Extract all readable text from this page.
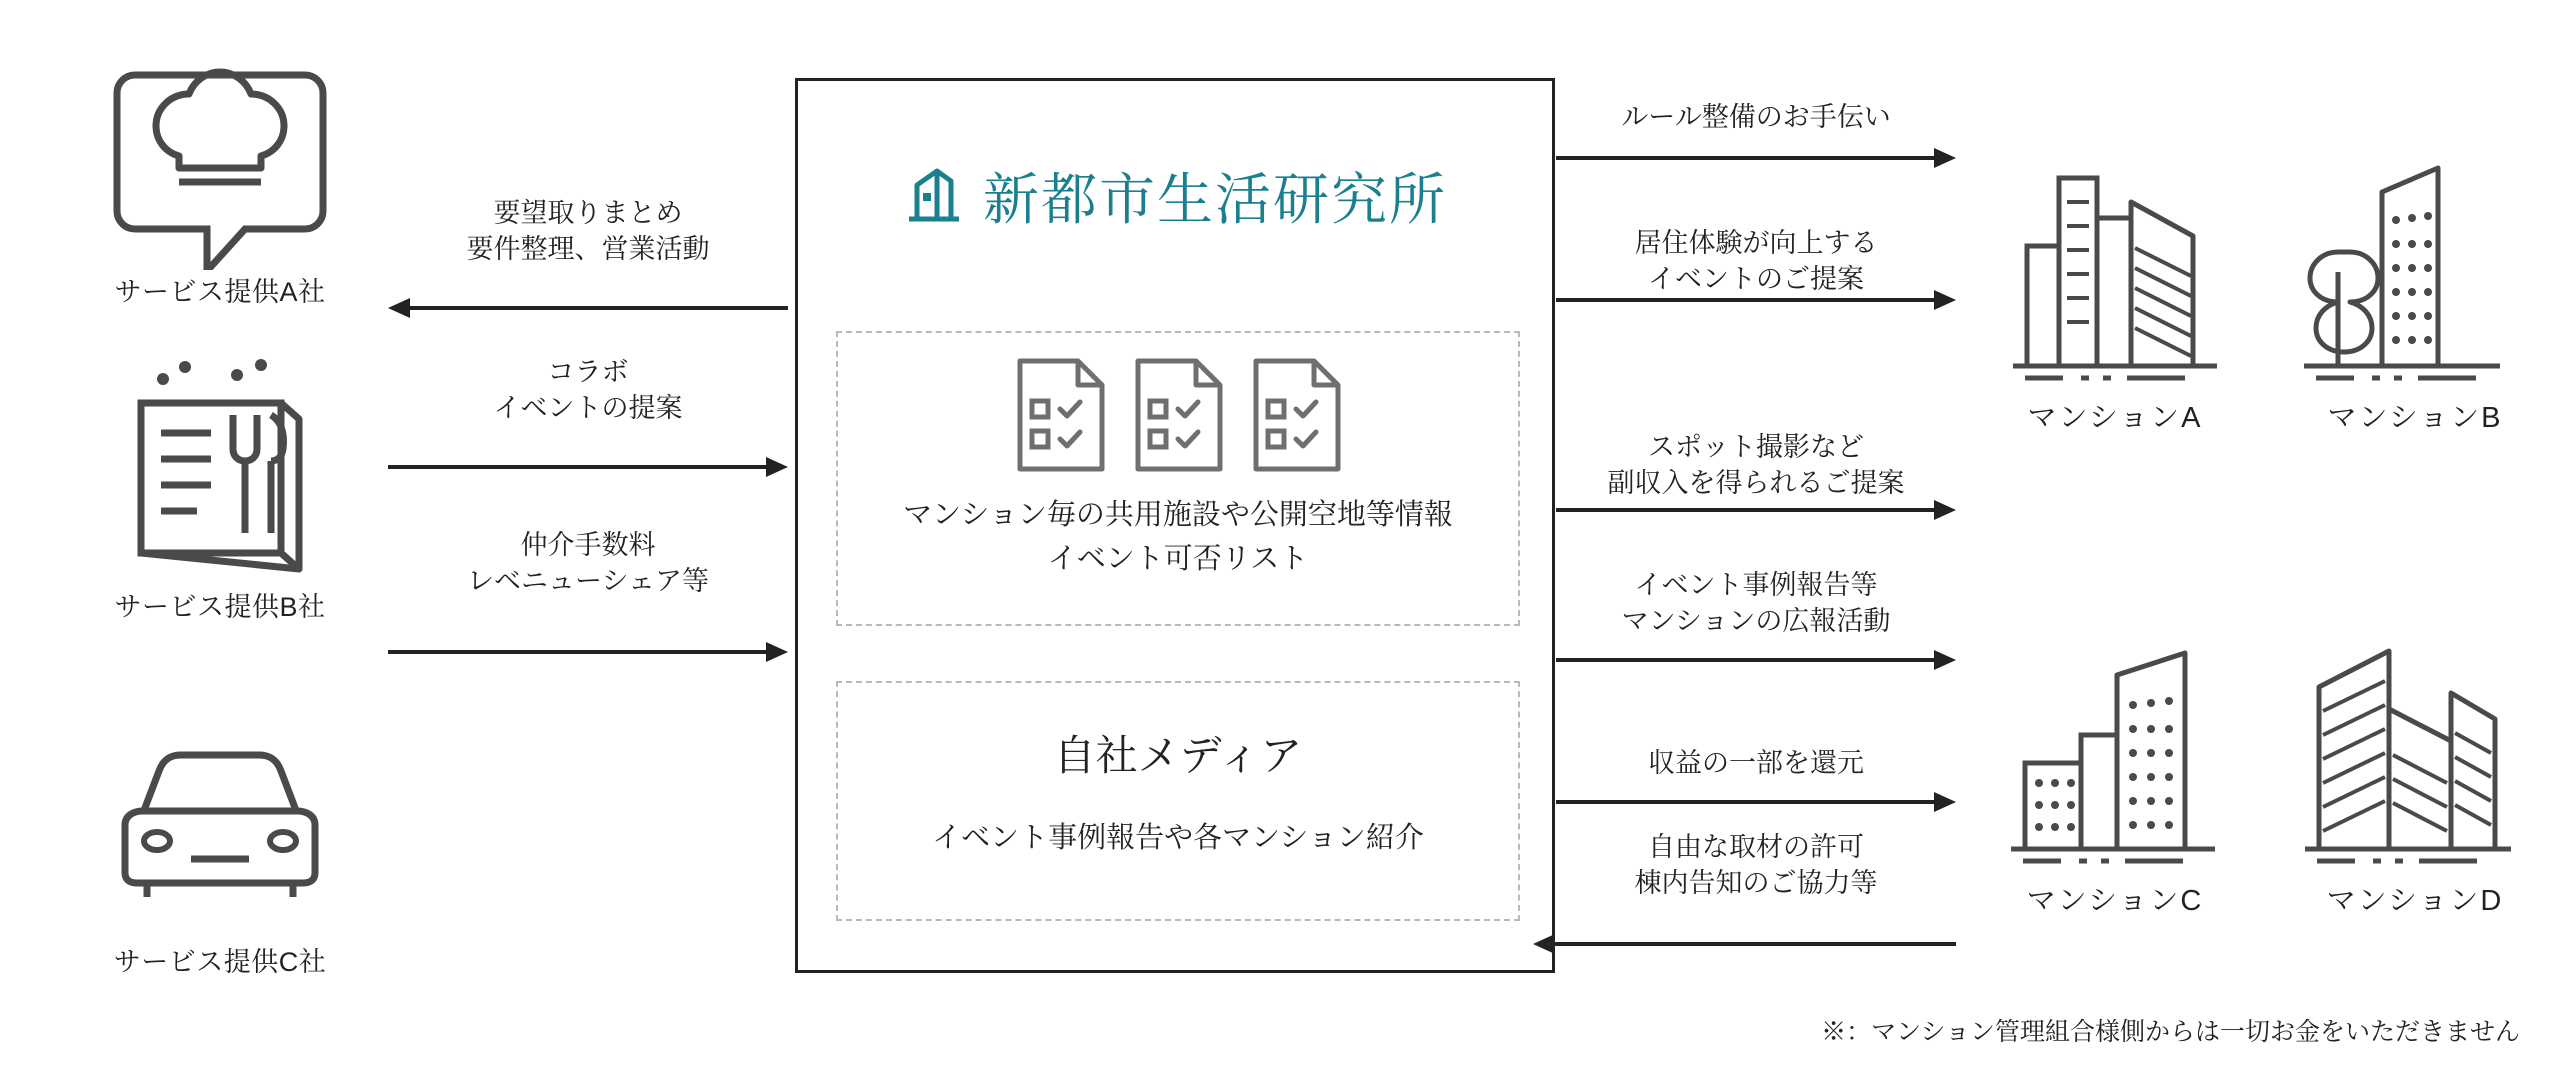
サービス提供A社
サービス提供B社
サービス提供C社
要望取りまとめ
要件整理、営業活動
コラボ
イベントの提案
仲介手数料
レベニューシェア等
新都市生活研究所
マンション毎の共用施設や公開空地等情報
イベント可否リスト
自社メディア
イベント事例報告や各マンション紹介
ルール整備のお手伝い
居住体験が向上する
イベントのご提案
スポット撮影など
副収入を得られるご提案
イベント事例報告等
マンションの広報活動
収益の一部を還元
自由な取材の許可
棟内告知のご協力等
マンションA	マンションB
マンションC	マンションD
※：マンション管理組合様側からは一切お金をいただきません
